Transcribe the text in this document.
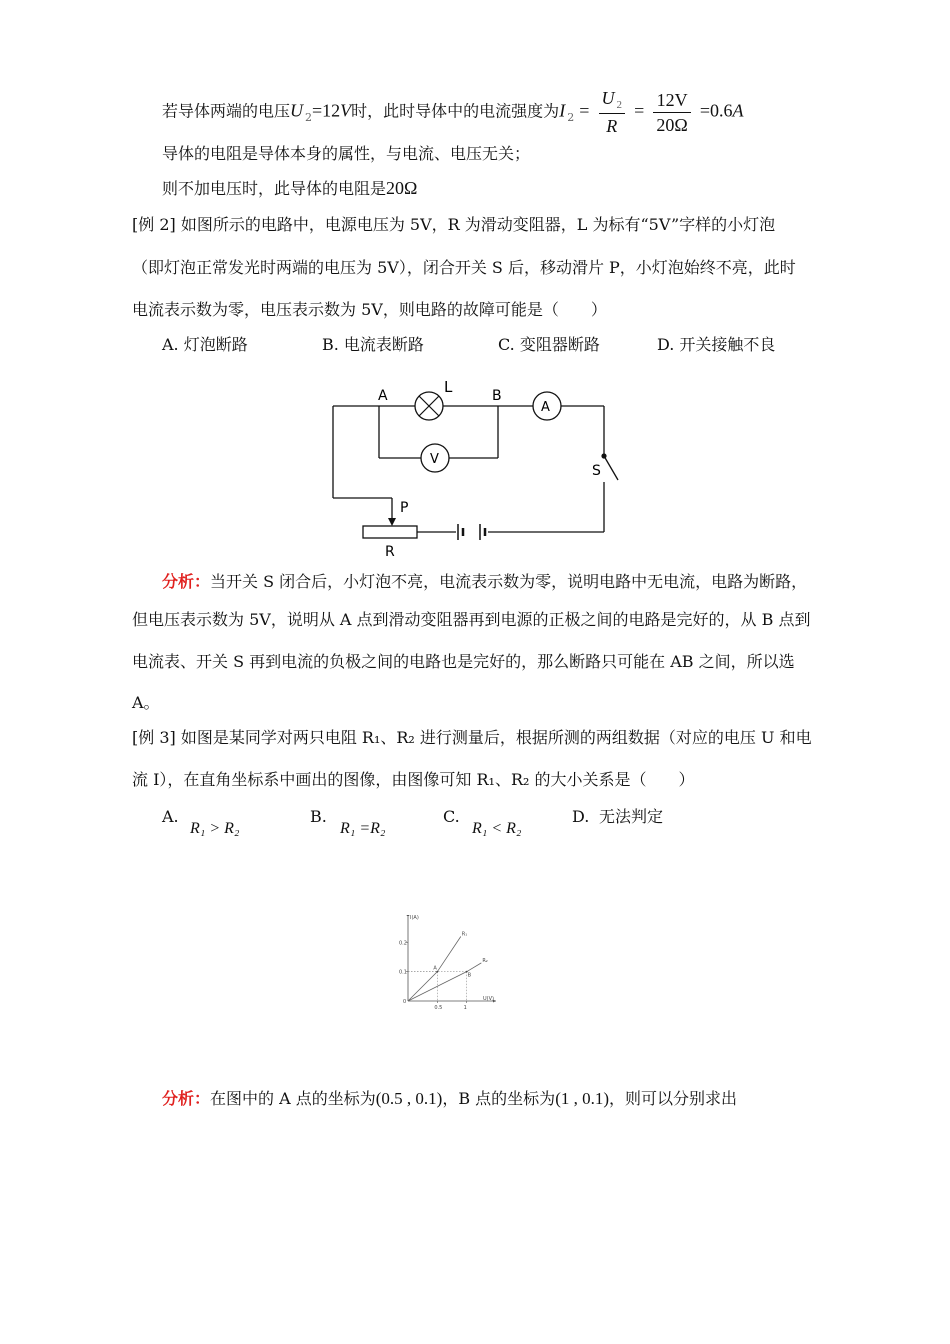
若导体两端的电压U $_2$=12V时，此时导体中的电流强度为I $_2 = \frac{U _2}{R} = \frac{12V}{20\Omega} =0.6A$
导体的电阻是导体本身的属性，与电流、电压无关；
则不加电压时，此导体的电阻是20Ω
[例 2] 如图所示的电路中，电源电压为 5V，R 为滑动变阻器，L 为标有“5V”字样的小灯泡
（即灯泡正常发光时两端的电压为 5V），闭合开关 S 后，移动滑片 P，小灯泡始终不亮，此时
电流表示数为零，电压表示数为 5V，则电路的故障可能是（　　）
A. 灯泡断路	B. 电流表断路	C. 变阻器断路	D. 开关接触不良
A	B
L
A
V
S
P
R
分析：当开关 S 闭合后，小灯泡不亮，电流表示数为零，说明电路中无电流，电路为断路，
但电压表示数为 5V，说明从 A 点到滑动变阻器再到电源的正极之间的电路是完好的，从 B 点到
电流表、开关 S 再到电流的负极之间的电路也是完好的，那么断路只可能在 AB 之间，所以选
A。
[例 3] 如图是某同学对两只电阻 R₁、R₂ 进行测量后，根据所测的两组数据（对应的电压 U 和电
流 I），在直角坐标系中画出的图像，由图像可知 R₁、R₂ 的大小关系是（　　）
A.
R₁ > R₂
B.
R₁ =R₂
C.
R₁ < R₂
D. 无法判定
I(A)
U(V)
0
0.5	1
0.2
0.1
R₁
R₂
A
B
分析：在图中的 A 点的坐标为(0.5 , 0.1)，B 点的坐标为(1 , 0.1)，则可以分别求出
